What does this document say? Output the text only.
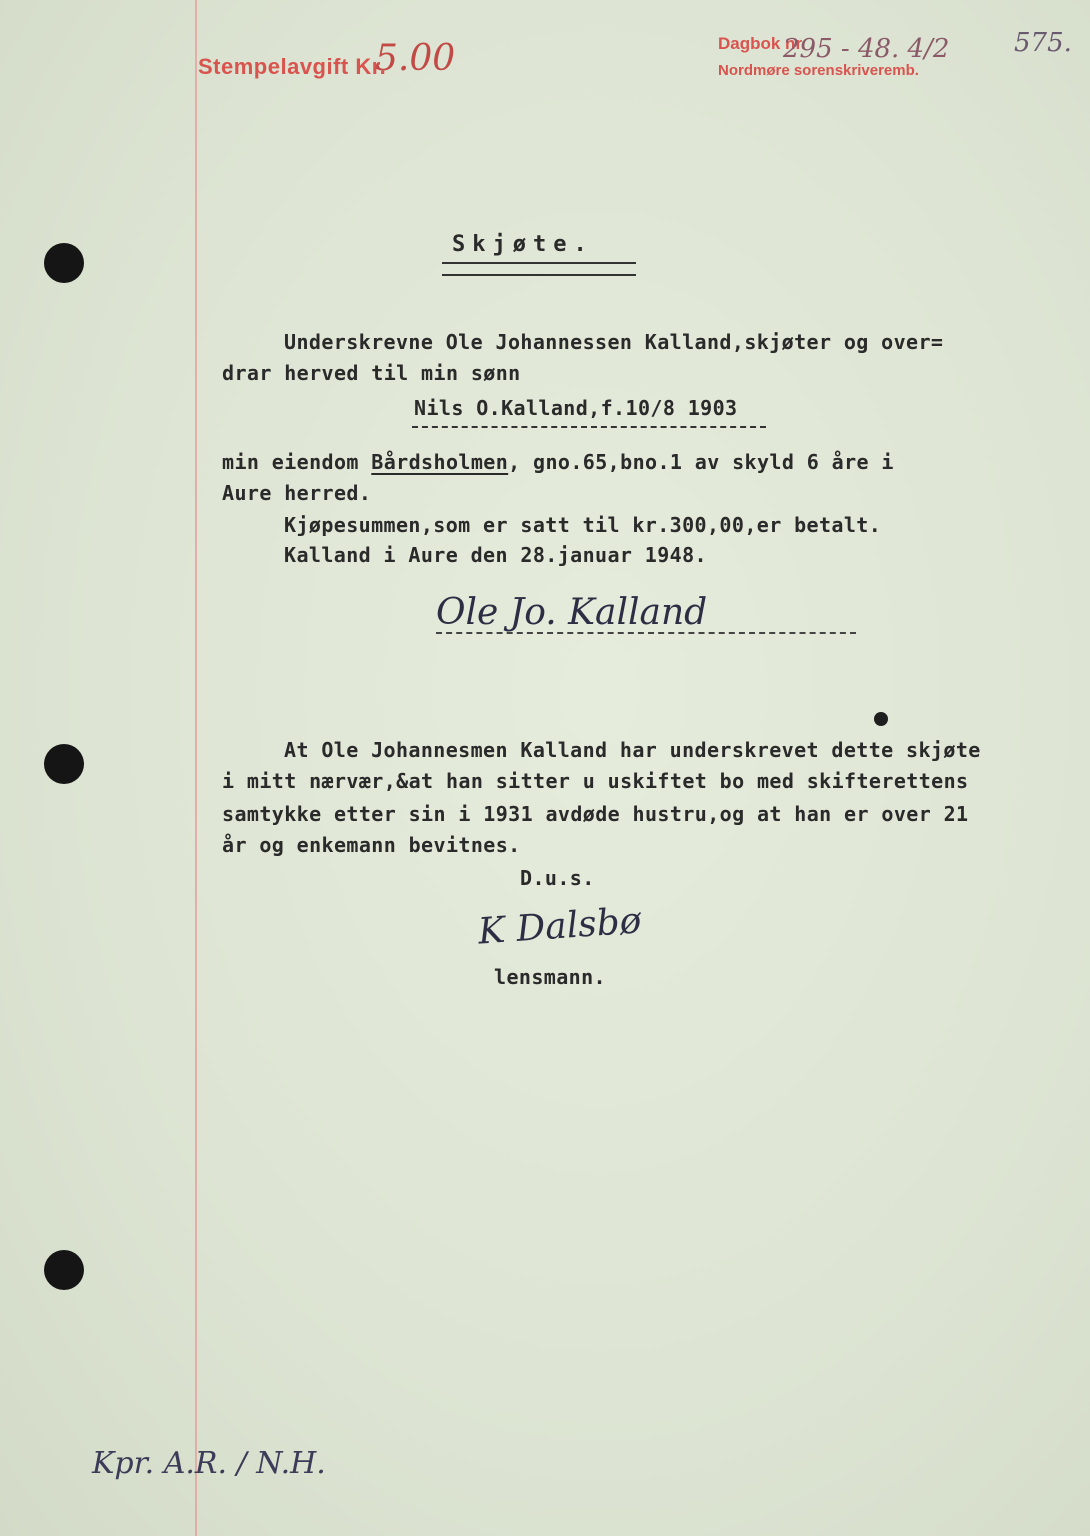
Stempelavgift Kr.
5.00	Dagbok nr.
Nordmøre sorenskriveremb.
295 - 48. 4/2 575.
Skjøte.
Underskrevne Ole Johannessen Kalland,skjøter og over=
drar herved til min sønn
Nils O.Kalland,f.10/8 1903
min eiendom Bårdsholmen, gno.65,bno.1 av skyld 6 åre i
Aure herred.
Kjøpesummen,som er satt til kr.300,00,er betalt.
Kalland i Aure den 28.januar 1948.
Ole Jo. Kalland
At Ole Johannesmen Kalland har underskrevet dette skjøte
i mitt nærvær,&at han sitter u uskiftet bo med skifterettens
samtykke etter sin i 1931 avdøde hustru,og at han er over 21
år og enkemann bevitnes.
D.u.s.
K Dalsbø
lensmann.
Kpr. A.R. / N.H.
